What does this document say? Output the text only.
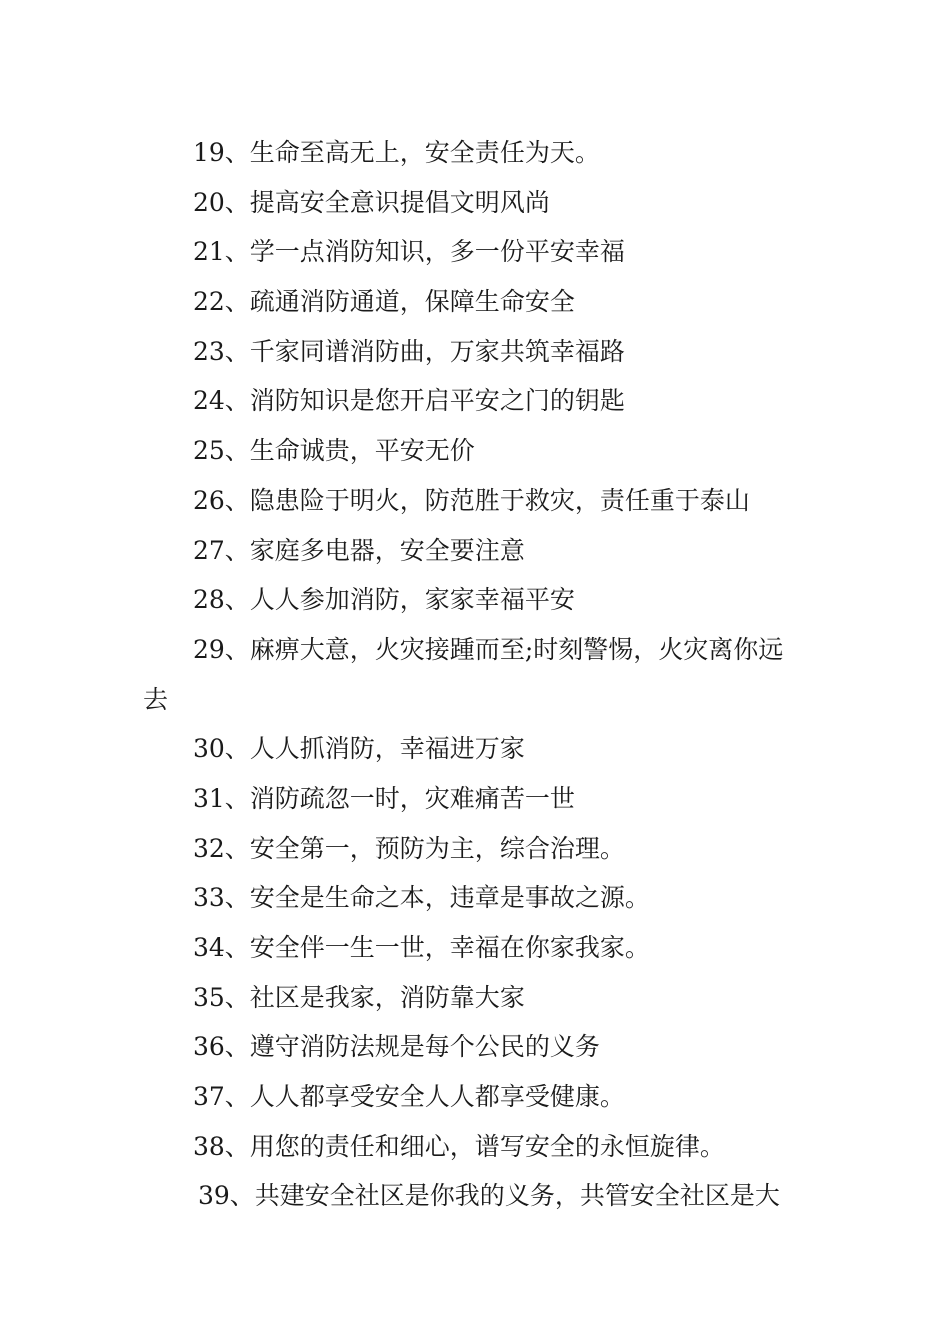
19、生命至高无上，安全责任为天。

20、提高安全意识提倡文明风尚

21、学一点消防知识，多一份平安幸福

22、疏通消防通道，保障生命安全

23、千家同谱消防曲，万家共筑幸福路

24、消防知识是您开启平安之门的钥匙

25、生命诚贵，平安无价

26、隐患险于明火，防范胜于救灾，责任重于泰山

27、家庭多电器，安全要注意

28、人人参加消防，家家幸福平安

29、麻痹大意，火灾接踵而至;时刻警惕，火灾离你远

去

30、人人抓消防，幸福进万家

31、消防疏忽一时，灾难痛苦一世

32、安全第一，预防为主，综合治理。

33、安全是生命之本，违章是事故之源。

34、安全伴一生一世，幸福在你家我家。

35、社区是我家，消防靠大家

36、遵守消防法规是每个公民的义务

37、人人都享受安全人人都享受健康。

38、用您的责任和细心，谱写安全的永恒旋律。

39、共建安全社区是你我的义务，共管安全社区是大
